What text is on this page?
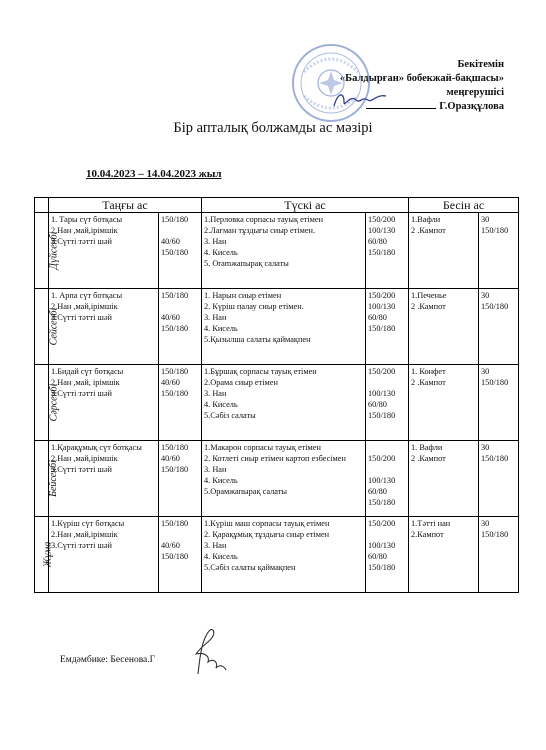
Бекітемін
«Балдырған» бобекжай-бақшасы»
меңгерушісі
Г.Оразқұлова
Бір апталық болжамды ас мәзірі
10.04.2023 – 14.04.2023 жыл
	Таңғы ас		Түскі ас		Бесін ас	
Дүйсенбі	1. Тары сүт ботқасы
2.Нан ,май,ірімшік
3.Сүтті тәтті шәй	150/180

40/60
150/180	1.Перловка сорпасы тауық етімен
2.Лағман тұздығы сиыр етімен.
3. Нан
4. Кисель
5. Оramжапырақ салаты	150/200
100/130
60/80
150/180	1.Вафли
2 .Кампот	30
150/180

Сейсенбі	1. Арпа сүт ботқасы
2.Нан ,май,ірімшік
3.Сүтті тәтті шәй	150/180

40/60
150/180	1. Нарын сиыр етімен
2. Күріш палау сиыр етімен.
3. Нан
4. Кисель
5.Қызылша салаты қаймақпен	150/200
100/130
60/80
150/180	1.Печенье
2 .Кампот	30
150/180

Сәрсенбі	1.Бидай сүт ботқасы
2.Нан ,май, ірімшік
3.Сүтті тәтті шәй	150/180
40/60
150/180	1.Бұршақ сорпасы тауық етімен
2.Орама сиыр етімен
3. Нан
4. Кисель
5.Сәбіз салаты	150/200

100/130
60/80
150/180	1. Конфет
2 .Кампот	30
150/180

Бейсенбі	1.Қарақұмық сүт ботқасы
2.Нан ,май,ірімшік
3.Сүтті тәтті шәй	150/180
40/60
150/180	1.Макарон сорпасы тауық етімен
2. Котлеті сиыр етімен картоп езбесімен
3. Нан
4. Кисель
5.Орамжапырақ салаты	150/200

100/130
60/80
150/180	1. Вафли
2 .Кампот	30
150/180

Жұма	1.Күріш сүт ботқасы
2.Нан ,май,ірімшік
3.Сүтті тәтті шәй	150/180

40/60
150/180	1.Күріш маш сорпасы тауық етімен
2. Қарақұмық тұздығы сиыр етімен
3. Нан
4. Кисель
5.Сәбіз салаты қаймақпен	150/200

100/130
60/80
150/180	1.Тәтті нан
2.Кампот	30
150/180
Емдәмбике: Бесенова.Г
